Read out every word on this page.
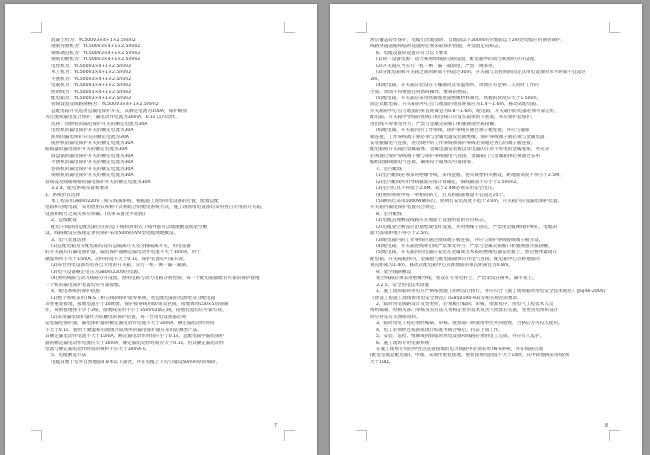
混凝土机为：YC500V3×4+1×2.5mm2
钢筋弯曲机为：YC500V3×4+1×2.5mm2
钢筋调直机为：YC500V3×4+1×2.5mm2
钢筋切断机为：YC500V3×4+1×2.5mm2
电焊机为：YC500V3×4+1×2.5mm2
木工机为：YC500V3×4+1×2.5mm2
平刨机为：YC500V3×4+1×2.5mm2
电锯机为：YC500V3×4+1×2.5mm2
照明线为：YC500V3×4+1×2.5mm2
配电箱为：YC500V3×4+1×2.5mm2
管线设置及线路规格为：YC500V3×4+1×2.5mm2
总配电箱开关选用总漏电保护开关，其额定电流为100A，保护级别
为过流和漏电复合保护，漏电动作电流为30mA，0.1s 以内动作。
选择：切断机的漏电保护开关的额定电流为30A
电焊机的漏电保护开关的额定电流为30A
照明的漏电保护开关的额定电流为30A
搅拌机的漏电保护开关的额定电流为30A
振捣器的漏电保护开关的额定电流为30A
圆盘锯的漏电保护开关的额定电流为30A
平刨机的漏电保护开关的额定电流为30A
卷扬机的漏电保护开关的额定电流为30A
钢筋机的漏电保护开关的额定电流为30A
管线设及线路规格的漏电保护开关的额定电流为30A
3.2.4、配电系统布置和要求
1、系统形式选择
本工程采用380V/220V三相五线制系统，根据施工现场用电设备的位置，配置总配
电箱和分配电箱，采用放射式和树干式相结合的配电系统方式，施工现场用电设备均采用各自专用的开关箱，
设备和相互之间关系应明确。(具体布置见平面图)
2、总线配设
配电干线除由总配电箱引出的总干线和放射式干线外都可以埋地敷设或架空敷
设，线路敷设应按规定穿管保护采用500V的VV型电缆埋地敷设。
3、电气装置选择
(1)总配电箱及分配电箱均设有总隔离开关及分路隔离开关，用电设备
的开关箱均有漏电保护器，漏电保护器额定漏电动作电流不大于30mA，用于
潮湿场所不大于15mA，动作时间不大于0.1s，保护装置均可靠有效。
(2)每台用电设备均有各自专用的开关箱，实行一机一闸一漏一箱制。
(3)电气设备额定电压为380V/220V的电源。
(4)照明线路与动力线路分开设置，照明电路与动力电路分别控制，每一个配电箱都配有可靠的保护接地
一个机的漏电保护装置均应可靠接地。
4、配电系统的保护措施
(1)整个系统采用TN-S三相五线制保护接零系统，把总配电箱的电源处及分配电箱
等处重复接地，接地电阻小于10欧姆，保护接零线用绿/黄双色线，接地体用L50×5角钢制
作，每组接地体不少于2根，接地线采用不小于35mm2铜芯线，接地装置均应可靠有效。
(2)采用漏电保护器作为防触电的保护装置，每一台用电设备都必须
安装漏电保护器，漏电保护器的额定漏电动作电流不大于30mA，额定漏电动作时间
不大于0.1s，使用于潮湿和有腐蚀介质场所的漏电保护器应采用防溅型产品。
其额定漏电动作电流不大于15mA，额定漏电动作时间应小于0.1s，总配电箱中漏电保护
器的额定漏电动作电流应大于30mA，额定漏电动作时间应大于0.1s，但其额定漏电动作
电流与额定漏电动作时间的乘积不应大于30mA·s。
5、电缆敷设方法
电缆直埋于室外自然地面0.8米以下深处，并在电缆上下均匀铺设50mm厚的细砂，
7
然后覆盖砖作保护，电缆引出地面时，自地面以下200mm至地面以上2m处电缆应用钢管保护，
线路穿越道路和临时设施时必须采取保护措施，并设置走向标志。
6、电缆设备的设置应符合以下要求
(1)同一设备电源：动力和照明线路分路设置，配电箱中的动力和照明分开设置。
(2)开关箱应当实行一机一闸一漏一箱制度，严禁一闸多用。
(3)分配电箱和开关箱之间的距离不得超过30m，开关箱与其控制的固定式用电设备的水平距离不宜超过
3m。
(4)配电箱、开关箱应装设在干燥通风及常温场所，周围应有足够二人同时工作的
空间，周围不得堆放任何妨碍操作、维修的物品。
(5)配电箱、开关箱应采用铁板或优质绝缘材料制作，铁板的厚度应大于1.5mm，
固定式配电箱、开关箱的中心点与地面的垂直距离应为1.4～1.6m，移动式配电箱、
开关箱的中心点与地面的垂直距离宜为0.8～1.6m，配电箱、开关箱内的电器必须可靠完好，
配电箱、开关箱中导线的进线口和出线口应设在箱体的下底面，并应加护套保护，
进出线不得承受外力，严禁与金属尖锐断口和强腐蚀介质接触。
(6)配电箱、开关箱内的工作零线、保护零线应通过端子板连接，并应与插座
相连接，工作零线端子板必须与金属电器安装板绝缘，保护零线端子板必须与金属电器
安装板做电气连接，进出线中的工作零线和保护零线必须通过各自的端子板连接。
配电箱和开关箱的金属箱体、金属电器安装板以及电器的正常不带电的金属底座、外壳等
必须通过保护零线端子板与保护零线做电气连接，金属箱门与金属箱体必须通过采用
编织软铜线做电气连接，确保每个箱体均可靠接零。
7、室内配线
(1)室内配线必须采用绝缘导线，采用瓷瓶、瓷夹或塑料夹敷设，距地面高度不得小于2.5M。
(2)室内配线所用导线截面应按计算确定，铜线截面不应小于1.5mm2。
(3)室内灯具不得低于2.4M，低于2.4M必须采用安全电压。
(4)照明系统中每一单相回路上，灯具和插座数量不宜超过25个。
(5)碘钨灯采用1000W碘钨灯，照明灯安装高度不低于3.0m，开关箱内应设漏电保护装置。
开关箱内漏电保护装置符合规定。
8、室外配线
(1)电缆直埋敷设线路应在地面上设置明显的方位标志。
(2)电缆架空敷设应沿墙壁或电杆设置，并用绝缘子固定，严禁用金属裸线作绑扎，电缆的
最大弧垂距地不得小于2.5m。
(3)配电箱内的工作零线应通过接线端子板连接，并应与保护零线接线端子板分设。
(4)配电箱、开关箱进线和出线严禁承受外力，严禁与金属尖锐断口和强腐蚀介质接触。
(5)配电箱、开关箱内的电器应安装在金属或非木质的绝缘电器安装板上，然后整体紧固在
配电箱、开关箱箱体内，金属板与配电箱箱体应作电气连接，配电箱中心点距地面的
垂直距离为1.4m，移动式配电箱中心点距地面的垂直距离宜为0.8m。
9、架空线路敷设
架空线路必须采用绝缘导线，架设在专用电杆上，严禁架设在树木、脚手架上。
3.2.5、安全用电技术措施
1、施工现场临时用电应严格按照施工组织设计执行，并应符合《施工现场临时用电安全技术规范》(JGJ46-2005)
《建设工程施工现场供用电安全规范》(GB50194-93)等相关规范的要求。
2、临时用电线路设计及变更时，必须履行编制、审核、批准程序，由电气工程技术人员
组织编制，经相关部门审核及具有法人资格企业的技术负责人批准后实施，变更用电组织设计
时应补充有关图纸资料。
3、临时用电工程必须经编制、审核、批准部门和使用单位共同验收，合格后方可投入使用。
4、电工必须经过按国家现行标准考核合格后，持证上岗工作。
5、安装、巡检、维修或拆除临时用电设备和线路必须由电工完成，并应有人监护。
6、施工现场专用电源系统
在施工现场专用的中性点直接接地的电力线路中必须采用TN-S系统，并在线路首端
(配电室或总配电箱)、中端、末端作重复接地，重复接地电阻值不大于10欧，其中接地线采用绿/黄
大于10Ω。
8
